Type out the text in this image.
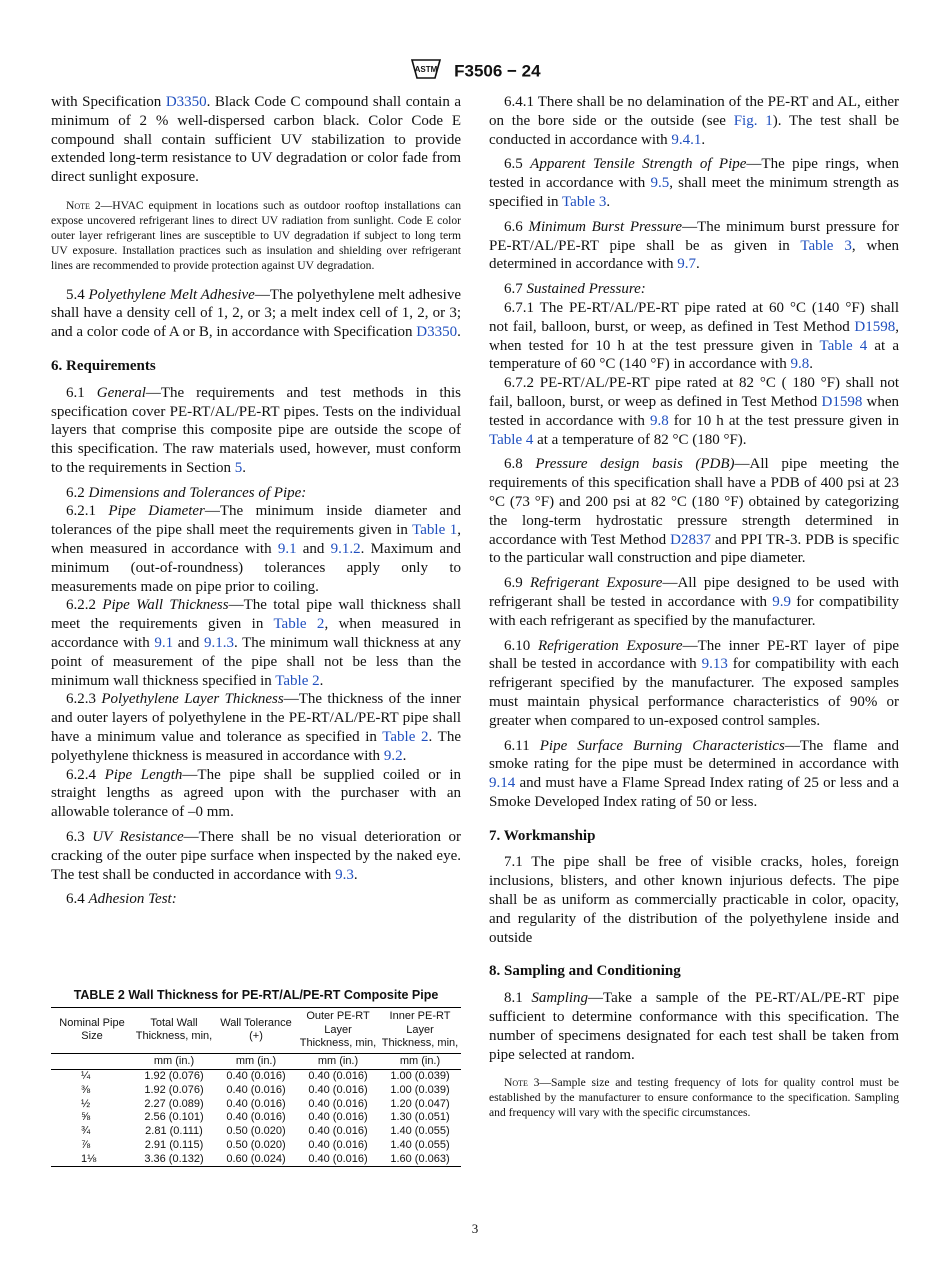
ASTM F3506 − 24

with Specification D3350. Black Code C compound shall contain a minimum of 2 % well-dispersed carbon black. Color Code E compound shall contain sufficient UV stabilization to provide extended long-term resistance to UV degradation or color fade from direct sunlight exposure.

Note 2—HVAC equipment in locations such as outdoor rooftop installations can expose uncovered refrigerant lines to direct UV radiation from sunlight. Code E color outer layer refrigerant lines are susceptible to UV degradation if subject to long term UV exposure. Installation practices such as insulation and shielding over refrigerant lines are recommended to provide protection against UV degradation.

5.4 Polyethylene Melt Adhesive—The polyethylene melt adhesive shall have a density cell of 1, 2, or 3; a melt index cell of 1, 2, or 3; and a color code of A or B, in accordance with Specification D3350.

6. Requirements

6.1 General—The requirements and test methods in this specification cover PE-RT/AL/PE-RT pipes. Tests on the individual layers that comprise this composite pipe are outside the scope of this specification. The raw materials used, however, must conform to the requirements in Section 5.

6.2 Dimensions and Tolerances of Pipe:

6.2.1 Pipe Diameter—The minimum inside diameter and tolerances of the pipe shall meet the requirements given in Table 1, when measured in accordance with 9.1 and 9.1.2. Maximum and minimum (out-of-roundness) tolerances apply only to measurements made on pipe prior to coiling.

6.2.2 Pipe Wall Thickness—The total pipe wall thickness shall meet the requirements given in Table 2, when measured in accordance with 9.1 and 9.1.3. The minimum wall thickness at any point of measurement of the pipe shall not be less than the minimum wall thickness specified in Table 2.

6.2.3 Polyethylene Layer Thickness—The thickness of the inner and outer layers of polyethylene in the PE-RT/AL/PE-RT pipe shall have a minimum value and tolerance as specified in Table 2. The polyethylene thickness is measured in accordance with 9.2.

6.2.4 Pipe Length—The pipe shall be supplied coiled or in straight lengths as agreed upon with the purchaser with an allowable tolerance of –0 mm.

6.3 UV Resistance—There shall be no visual deterioration or cracking of the outer pipe surface when inspected by the naked eye. The test shall be conducted in accordance with 9.3.

6.4 Adhesion Test:

TABLE 2 Wall Thickness for PE-RT/AL/PE-RT Composite Pipe
Nominal Pipe Size	Total Wall Thickness, min,	Wall Tolerance (+)	Outer PE-RT Layer Thickness, min,	Inner PE-RT Layer Thickness, min,
	mm (in.)	mm (in.)	mm (in.)	mm (in.)
¼	1.92 (0.076)	0.40 (0.016)	0.40 (0.016)	1.00 (0.039)
⅜	1.92 (0.076)	0.40 (0.016)	0.40 (0.016)	1.00 (0.039)
½	2.27 (0.089)	0.40 (0.016)	0.40 (0.016)	1.20 (0.047)
⅝	2.56 (0.101)	0.40 (0.016)	0.40 (0.016)	1.30 (0.051)
¾	2.81 (0.111)	0.50 (0.020)	0.40 (0.016)	1.40 (0.055)
⅞	2.91 (0.115)	0.50 (0.020)	0.40 (0.016)	1.40 (0.055)
1⅛	3.36 (0.132)	0.60 (0.024)	0.40 (0.016)	1.60 (0.063)

6.4.1 There shall be no delamination of the PE-RT and AL, either on the bore side or the outside (see Fig. 1). The test shall be conducted in accordance with 9.4.1.

6.5 Apparent Tensile Strength of Pipe—The pipe rings, when tested in accordance with 9.5, shall meet the minimum strength as specified in Table 3.

6.6 Minimum Burst Pressure—The minimum burst pressure for PE-RT/AL/PE-RT pipe shall be as given in Table 3, when determined in accordance with 9.7.

6.7 Sustained Pressure:

6.7.1 The PE-RT/AL/PE-RT pipe rated at 60 °C (140 °F) shall not fail, balloon, burst, or weep, as defined in Test Method D1598, when tested for 10 h at the test pressure given in Table 4 at a temperature of 60 °C (140 °F) in accordance with 9.8.

6.7.2 PE-RT/AL/PE-RT pipe rated at 82 °C ( 180 °F) shall not fail, balloon, burst, or weep as defined in Test Method D1598 when tested in accordance with 9.8 for 10 h at the test pressure given in Table 4 at a temperature of 82 °C (180 °F).

6.8 Pressure design basis (PDB)—All pipe meeting the requirements of this specification shall have a PDB of 400 psi at 23 °C (73 °F) and 200 psi at 82 °C (180 °F) obtained by categorizing the long-term hydrostatic pressure strength determined in accordance with Test Method D2837 and PPI TR-3. PDB is specific to the particular wall construction and pipe diameter.

6.9 Refrigerant Exposure—All pipe designed to be used with refrigerant shall be tested in accordance with 9.9 for compatibility with each refrigerant as specified by the manufacturer.

6.10 Refrigeration Exposure—The inner PE-RT layer of pipe shall be tested in accordance with 9.13 for compatibility with each refrigerant specified by the manufacturer. The exposed samples must maintain physical performance characteristics of 90% or greater when compared to un-exposed control samples.

6.11 Pipe Surface Burning Characteristics—The flame and smoke rating for the pipe must be determined in accordance with 9.14 and must have a Flame Spread Index rating of 25 or less and a Smoke Developed Index rating of 50 or less.

7. Workmanship

7.1 The pipe shall be free of visible cracks, holes, foreign inclusions, blisters, and other known injurious defects. The pipe shall be as uniform as commercially practicable in color, opacity, and regularity of the distribution of the polyethylene inside and outside

8. Sampling and Conditioning

8.1 Sampling—Take a sample of the PE-RT/AL/PE-RT pipe sufficient to determine conformance with this specification. The number of specimens designated for each test shall be taken from pipe selected at random.

Note 3—Sample size and testing frequency of lots for quality control must be established by the manufacturer to ensure conformance to the specification. Sampling and frequency will vary with the specific circumstances.
3
